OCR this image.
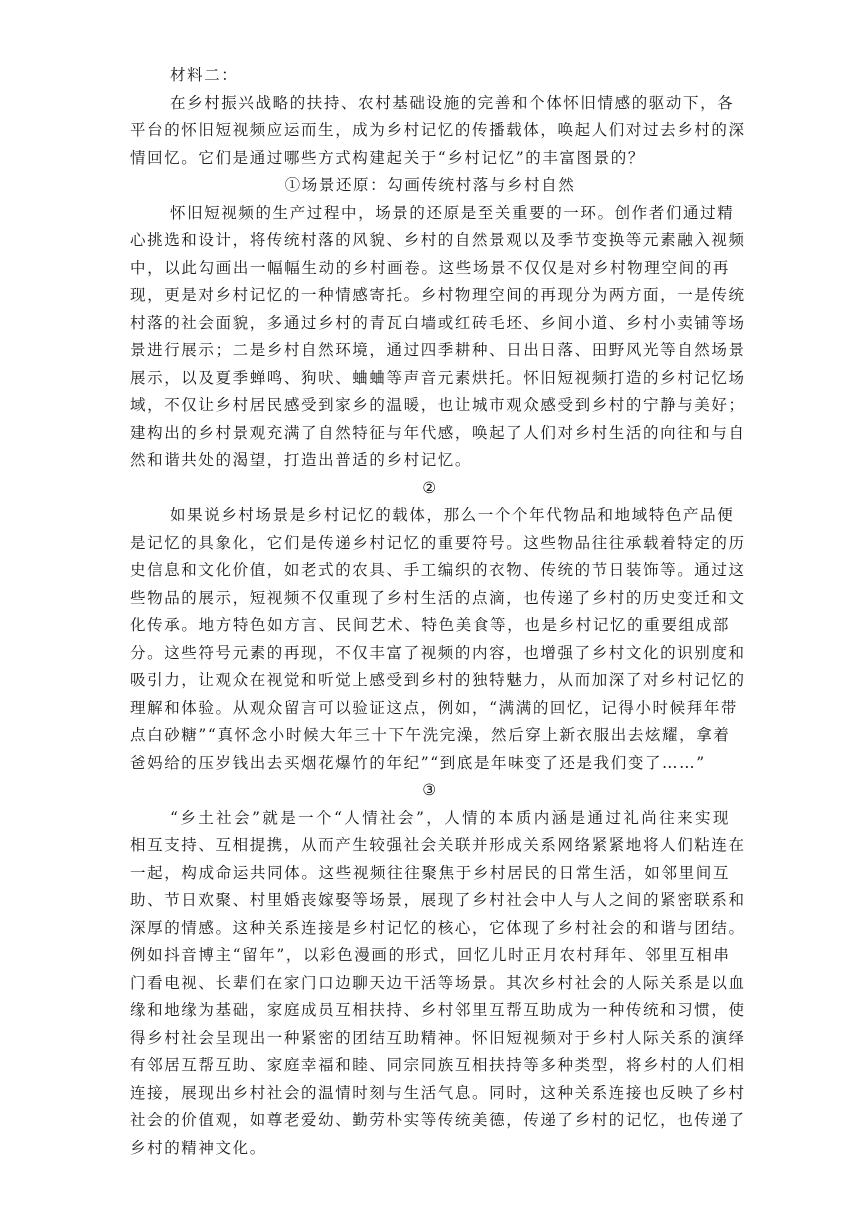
材料二：
在乡村振兴战略的扶持、农村基础设施的完善和个体怀旧情感的驱动下，各
平台的怀旧短视频应运而生，成为乡村记忆的传播载体，唤起人们对过去乡村的深
情回忆。它们是通过哪些方式构建起关于“乡村记忆”的丰富图景的？
①场景还原：勾画传统村落与乡村自然
怀旧短视频的生产过程中，场景的还原是至关重要的一环。创作者们通过精
心挑选和设计，将传统村落的风貌、乡村的自然景观以及季节变换等元素融入视频
中，以此勾画出一幅幅生动的乡村画卷。这些场景不仅仅是对乡村物理空间的再
现，更是对乡村记忆的一种情感寄托。乡村物理空间的再现分为两方面，一是传统
村落的社会面貌，多通过乡村的青瓦白墙或红砖毛坯、乡间小道、乡村小卖铺等场
景进行展示；二是乡村自然环境，通过四季耕种、日出日落、田野风光等自然场景
展示，以及夏季蝉鸣、狗吠、蛐蛐等声音元素烘托。怀旧短视频打造的乡村记忆场
域，不仅让乡村居民感受到家乡的温暖，也让城市观众感受到乡村的宁静与美好；
建构出的乡村景观充满了自然特征与年代感，唤起了人们对乡村生活的向往和与自
然和谐共处的渴望，打造出普适的乡村记忆。
②
如果说乡村场景是乡村记忆的载体，那么一个个年代物品和地域特色产品便
是记忆的具象化，它们是传递乡村记忆的重要符号。这些物品往往承载着特定的历
史信息和文化价值，如老式的农具、手工编织的衣物、传统的节日装饰等。通过这
些物品的展示，短视频不仅重现了乡村生活的点滴，也传递了乡村的历史变迁和文
化传承。地方特色如方言、民间艺术、特色美食等，也是乡村记忆的重要组成部
分。这些符号元素的再现，不仅丰富了视频的内容，也增强了乡村文化的识别度和
吸引力，让观众在视觉和听觉上感受到乡村的独特魅力，从而加深了对乡村记忆的
理解和体验。从观众留言可以验证这点，例如，“满满的回忆，记得小时候拜年带
点白砂糖”“真怀念小时候大年三十下午洗完澡，然后穿上新衣服出去炫耀，拿着
爸妈给的压岁钱出去买烟花爆竹的年纪”“到底是年味变了还是我们变了……”
③
“乡土社会”就是一个“人情社会”，人情的本质内涵是通过礼尚往来实现
相互支持、互相提携，从而产生较强社会关联并形成关系网络紧紧地将人们粘连在
一起，构成命运共同体。这些视频往往聚焦于乡村居民的日常生活，如邻里间互
助、节日欢聚、村里婚丧嫁娶等场景，展现了乡村社会中人与人之间的紧密联系和
深厚的情感。这种关系连接是乡村记忆的核心，它体现了乡村社会的和谐与团结。
例如抖音博主“留年”，以彩色漫画的形式，回忆儿时正月农村拜年、邻里互相串
门看电视、长辈们在家门口边聊天边干活等场景。其次乡村社会的人际关系是以血
缘和地缘为基础，家庭成员互相扶持、乡村邻里互帮互助成为一种传统和习惯，使
得乡村社会呈现出一种紧密的团结互助精神。怀旧短视频对于乡村人际关系的演绎
有邻居互帮互助、家庭幸福和睦、同宗同族互相扶持等多种类型，将乡村的人们相
连接，展现出乡村社会的温情时刻与生活气息。同时，这种关系连接也反映了乡村
社会的价值观，如尊老爱幼、勤劳朴实等传统美德，传递了乡村的记忆，也传递了
乡村的精神文化。
